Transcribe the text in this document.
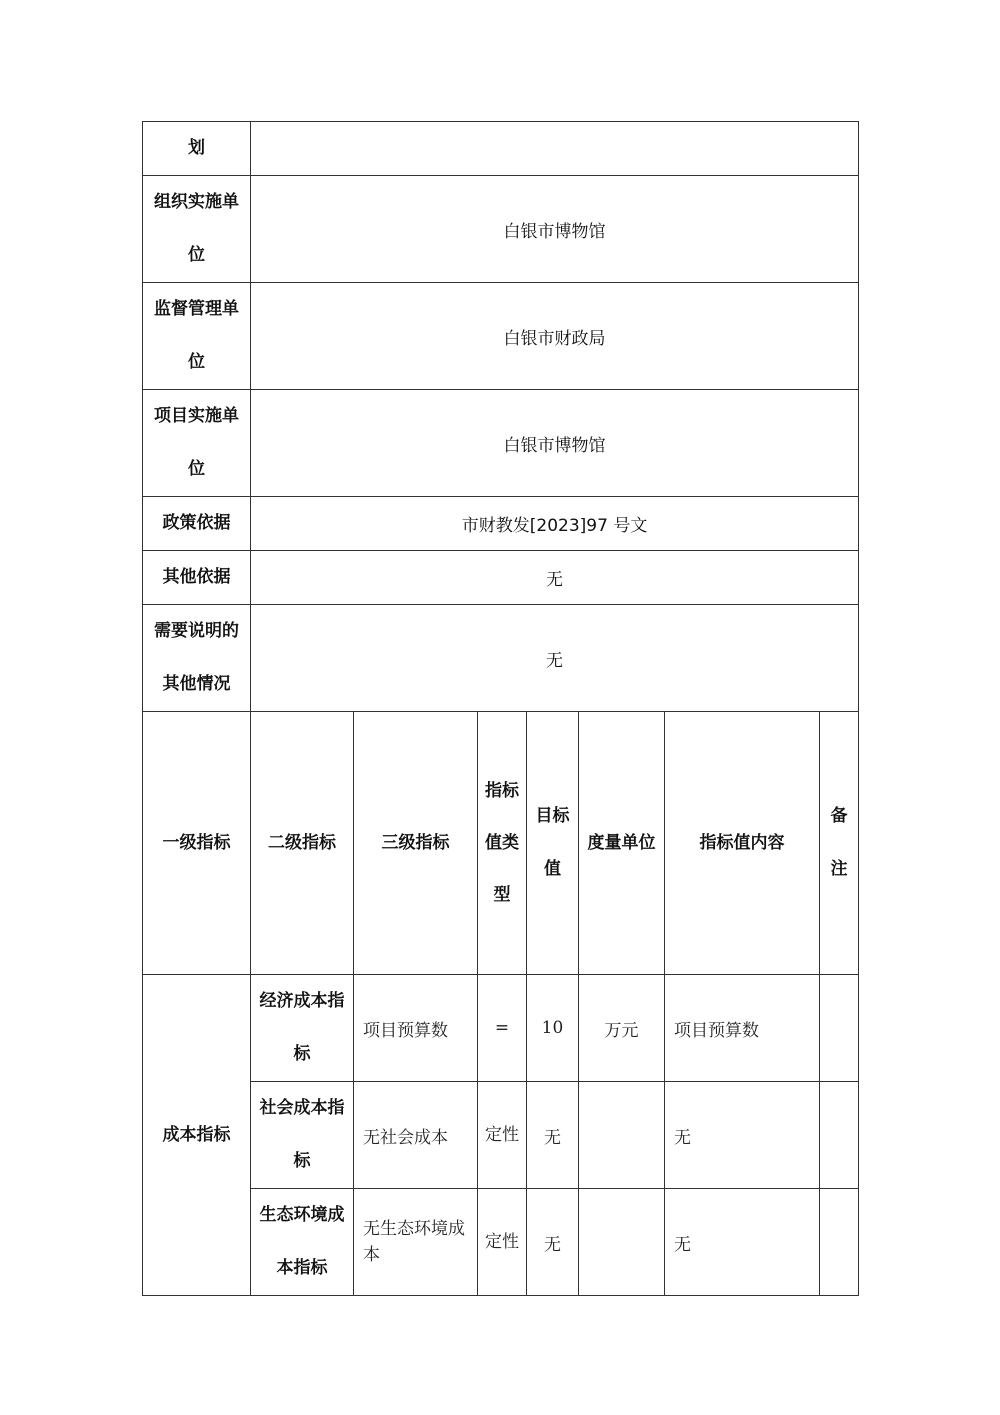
划							
组织实施单位	白银市博物馆						
监督管理单位	白银市财政局						
项目实施单位	白银市博物馆						
政策依据	市财教发[2023]97 号文						
其他依据	无						
需要说明的其他情况	无						
一级指标	二级指标	三级指标	指标值类型	目标值	度量单位	指标值内容	备注
成本指标	经济成本指标	项目预算数	=	10	万元	项目预算数	
	社会成本指标	无社会成本	定性	无		无	
	生态环境成本指标	无生态环境成本	定性	无		无	
